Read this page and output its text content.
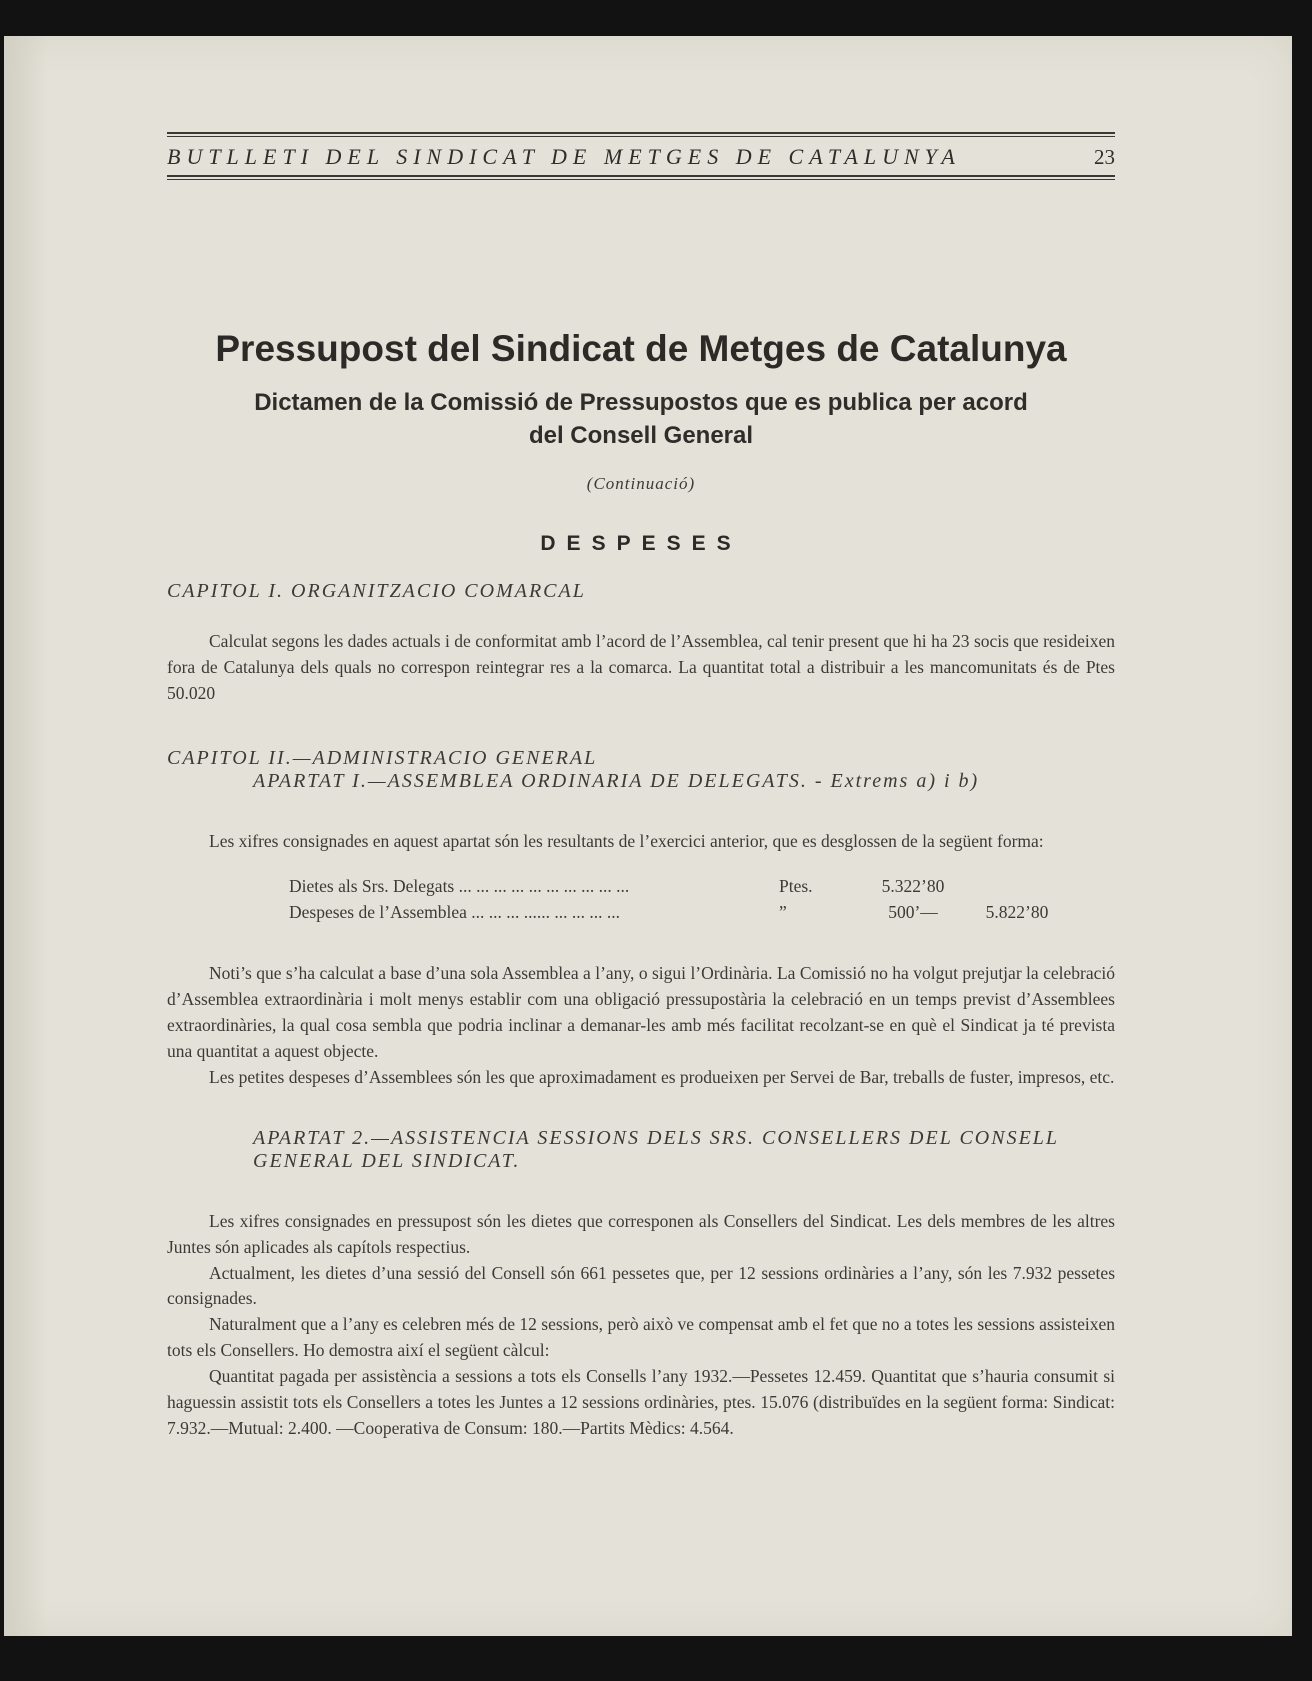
BUTLLETI DEL SINDICAT DE METGES DE CATALUNYA	23
Pressupost del Sindicat de Metges de Catalunya
Dictamen de la Comissió de Pressupostos que es publica per acord
del Consell General
(Continuació)
DESPESES
CAPITOL I. ORGANITZACIO COMARCAL

Calculat segons les dades actuals i de conformitat amb l’acord de l’Assemblea, cal tenir present que hi ha 23 socis que resideixen fora de Catalunya dels quals no correspon reintegrar res a la comarca. La quantitat total a distribuir a les mancomunitats és de Ptes 50.020

CAPITOL II.—ADMINISTRACIO GENERAL
APARTAT I.—ASSEMBLEA ORDINARIA DE DELEGATS. - Extrems a) i b)

Les xifres consignades en aquest apartat són les resultants de l’exercici anterior, que es desglossen de la següent forma:

Dietes als Srs. Delegats ... ... ... ... ... ... ... ... ... ...	Ptes.	5.322’80
Despeses de l’Assemblea ... ... ... ...... ... ... ... ...	”	500’—	5.822’80

Noti’s que s’ha calculat a base d’una sola Assemblea a l’any, o sigui l’Ordinària. La Comissió no ha volgut prejutjar la celebració d’Assemblea extraordinària i molt menys establir com una obligació pressupostària la celebració en un temps previst d’Assemblees extraordinàries, la qual cosa sembla que podria inclinar a demanar-les amb més facilitat recolzant-se en què el Sindicat ja té prevista una quantitat a aquest objecte.

Les petites despeses d’Assemblees són les que aproximadament es produeixen per Servei de Bar, treballs de fuster, impresos, etc.

APARTAT 2.—ASSISTENCIA SESSIONS DELS SRS. CONSELLERS DEL CONSELL GENERAL DEL SINDICAT.

Les xifres consignades en pressupost són les dietes que corresponen als Consellers del Sindicat. Les dels membres de les altres Juntes són aplicades als capítols respectius.

Actualment, les dietes d’una sessió del Consell són 661 pessetes que, per 12 sessions ordinàries a l’any, són les 7.932 pessetes consignades.

Naturalment que a l’any es celebren més de 12 sessions, però això ve compensat amb el fet que no a totes les sessions assisteixen tots els Consellers. Ho demostra així el següent càlcul:

Quantitat pagada per assistència a sessions a tots els Consells l’any 1932.—Pessetes 12.459. Quantitat que s’hauria consumit si haguessin assistit tots els Consellers a totes les Juntes a 12 sessions ordinàries, ptes. 15.076 (distribuïdes en la següent forma: Sindicat: 7.932.—Mutual: 2.400. —Cooperativa de Consum: 180.—Partits Mèdics: 4.564.
